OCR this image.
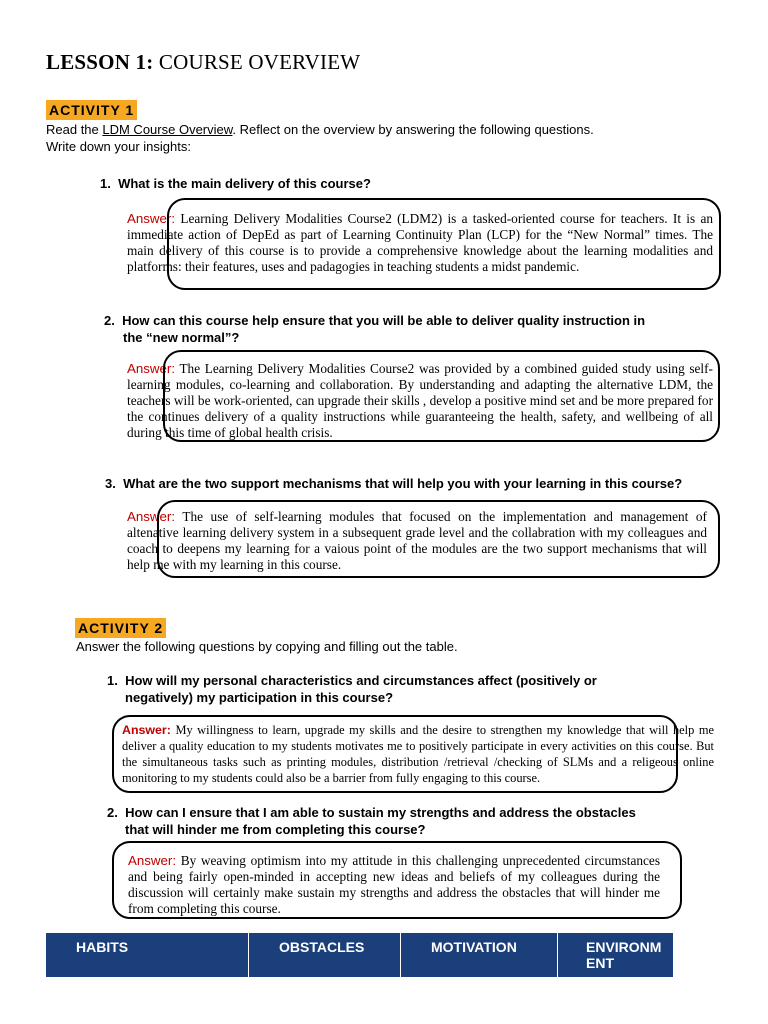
LESSON 1: COURSE OVERVIEW
ACTIVITY 1
Read the LDM Course Overview. Reflect on the overview by answering the following questions.
Write down your insights:
1. What is the main delivery of this course?
Answer: Learning Delivery Modalities Course2 (LDM2) is a tasked-oriented course for teachers. It is an immediate action of DepEd as part of Learning Continuity Plan (LCP) for the “New Normal” times. The main delivery of this course is to provide a comprehensive knowledge about the learning modalities and platforms: their features, uses and padagogies in teaching students a midst pandemic.
2. How can this course help ensure that you will be able to deliver quality instruction in
the “new normal”?
Answer: The Learning Delivery Modalities Course2 was provided by a combined guided study using self-learning modules, co-learning and collaboration. By understanding and adapting the alternative LDM, the teachers will be work-oriented, can upgrade their skills , develop a positive mind set and be more prepared for the continues delivery of a quality instructions while guaranteeing the health, safety, and wellbeing of all during this time of global health crisis.
3. What are the two support mechanisms that will help you with your learning in this course?
Answer: The use of self-learning modules that focused on the implementation and management of altenative learning delivery system in a subsequent grade level and the collabration with my colleagues and coach to deepens my learning for a vaious point of the modules are the two support mechanisms that will help me with my learning in this course.
ACTIVITY 2
Answer the following questions by copying and filling out the table.
1. How will my personal characteristics and circumstances affect (positively or
negatively) my participation in this course?
Answer: My willingness to learn, upgrade my skills and the desire to strengthen my knowledge that will help me deliver a quality education to my students motivates me to positively participate in every activities on this course. But the simultaneous tasks such as printing modules, distribution /retrieval /checking of SLMs and a religeous online monitoring to my students could also be a barrier from fully engaging to this course.
2. How can I ensure that I am able to sustain my strengths and address the obstacles
that will hinder me from completing this course?
Answer: By weaving optimism into my attitude in this challenging unprecedented circumstances and being fairly open-minded in accepting new ideas and beliefs of my colleagues during the discussion will certainly make sustain my strengths and address the obstacles that will hinder me from completing this course.
HABITS	OBSTACLES	MOTIVATION	ENVIRONM ENT
